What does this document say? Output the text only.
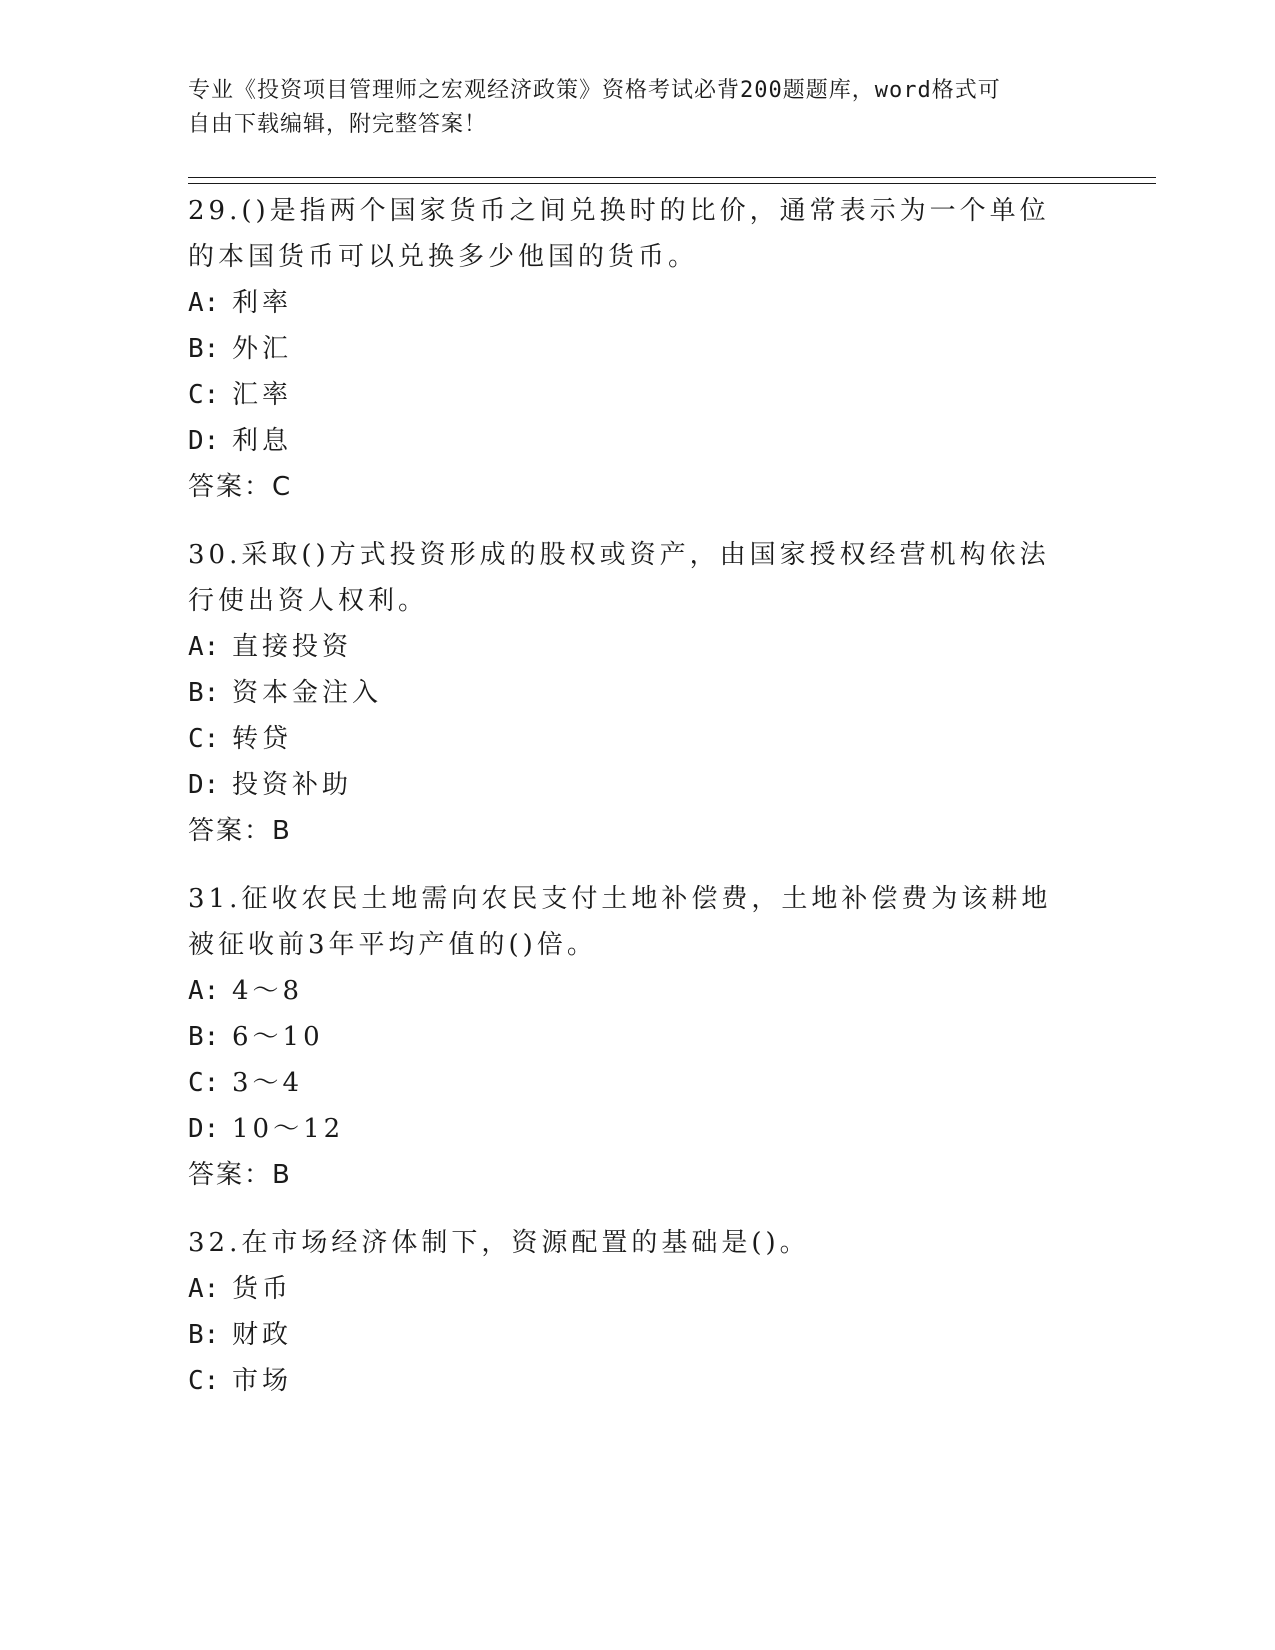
专业《投资项目管理师之宏观经济政策》资格考试必背200题题库，word格式可
自由下载编辑，附完整答案！
29.()是指两个国家货币之间兑换时的比价，通常表示为一个单位的本国货币可以兑换多少他国的货币。
A: 利率
B: 外汇
C: 汇率
D: 利息
答案：C
30.采取()方式投资形成的股权或资产，由国家授权经营机构依法行使出资人权利。
A: 直接投资
B: 资本金注入
C: 转贷
D: 投资补助
答案：B
31.征收农民土地需向农民支付土地补偿费，土地补偿费为该耕地被征收前3年平均产值的()倍。
A: 4～8
B: 6～10
C: 3～4
D: 10～12
答案：B
32.在市场经济体制下，资源配置的基础是()。
A: 货币
B: 财政
C: 市场
